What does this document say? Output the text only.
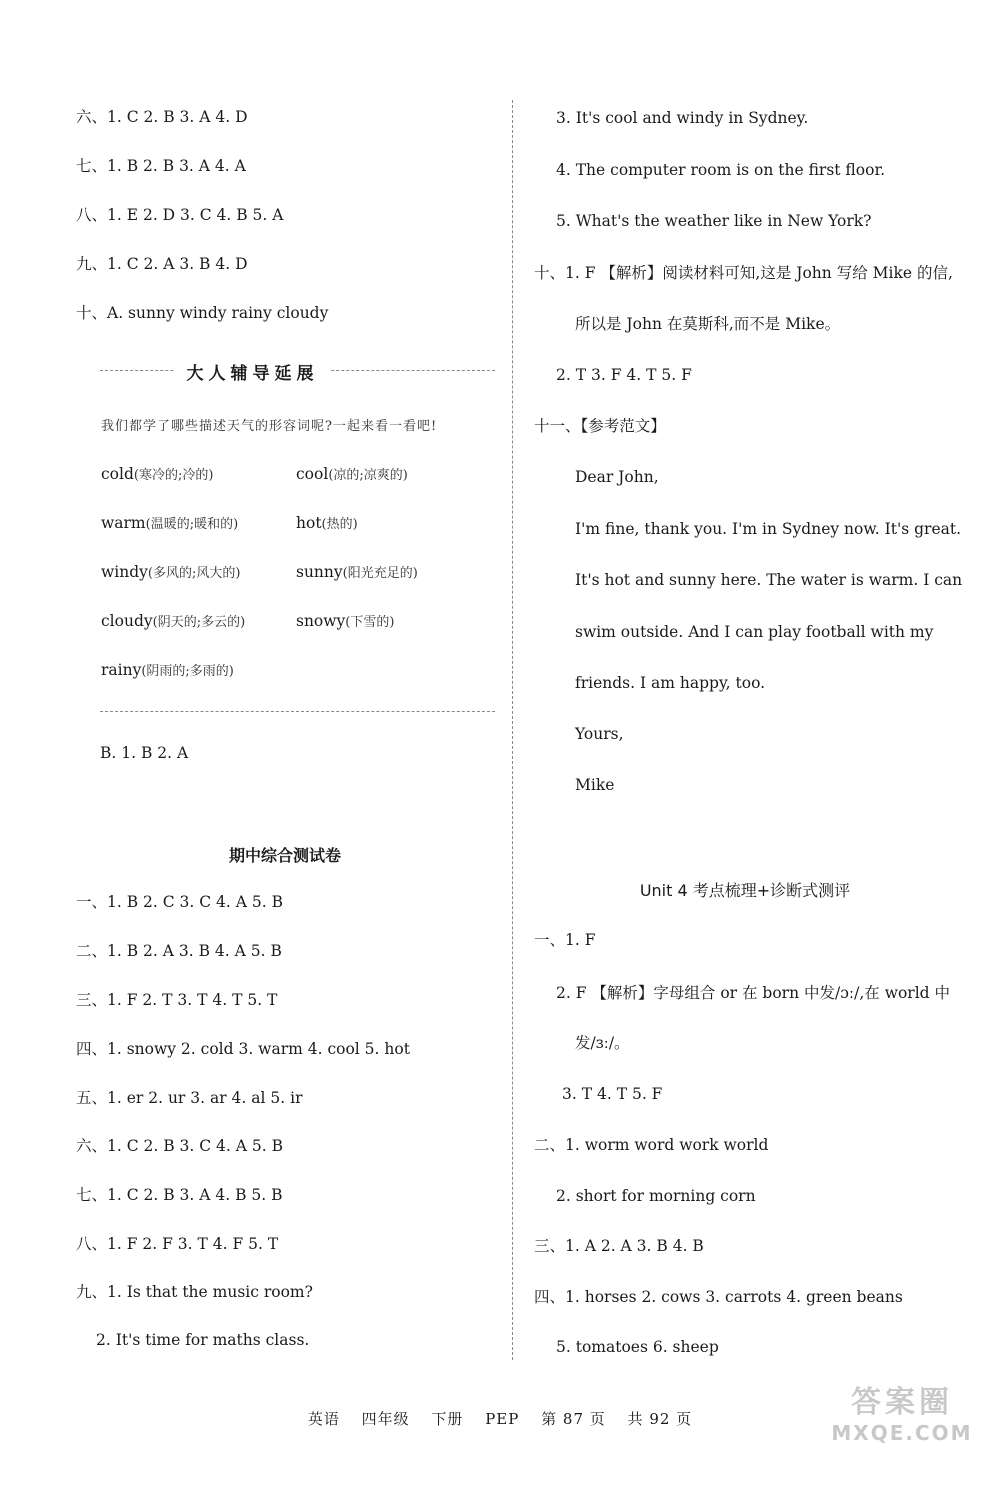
大人辅导延展
我们都学了哪些描述天气的形容词呢?一起来看一看吧!
B. 1. B 2. A
期中综合测试卷
Unit 4 考点梳理+诊断式测评
英语 四年级 下册 PEP 第 87 页 共 92 页	答案圈
MXQE.COM
六、1. C 2. B 3. A 4. D
七、1. B 2. B 3. A 4. A
八、1. E 2. D 3. C 4. B 5. A
九、1. C 2. A 3. B 4. D
十、A. sunny windy rainy cloudy
一、1. B 2. C 3. C 4. A 5. B
二、1. B 2. A 3. B 4. A 5. B
三、1. F 2. T 3. T 4. T 5. T
四、1. snowy 2. cold 3. warm 4. cool 5. hot
五、1. er 2. ur 3. ar 4. al 5. ir
六、1. C 2. B 3. C 4. A 5. B
七、1. C 2. B 3. A 4. B 5. B
八、1. F 2. F 3. T 4. F 5. T
九、1. Is that the music room?
2. It's time for maths class.
3. It's cool and windy in Sydney.
4. The computer room is on the first floor.
5. What's the weather like in New York?
十、1. F 【解析】阅读材料可知,这是 John 写给 Mike 的信,
所以是 John 在莫斯科,而不是 Mike。
2. T 3. F 4. T 5. F
十一、【参考范文】
Dear John,
I'm fine, thank you. I'm in Sydney now. It's great.
It's hot and sunny here. The water is warm. I can
swim outside. And I can play football with my
friends. I am happy, too.
Yours,
Mike
一、1. F
2. F 【解析】字母组合 or 在 born 中发/ɔː/,在 world 中
发/ɜː/。
3. T 4. T 5. F
二、1. worm word work world
2. short for morning corn
三、1. A 2. A 3. B 4. B
四、1. horses 2. cows 3. carrots 4. green beans
5. tomatoes 6. sheep
cold(寒冷的;冷的)	cool(凉的;凉爽的)
warm(温暖的;暖和的)	hot(热的)
windy(多风的;风大的)	sunny(阳光充足的)
cloudy(阴天的;多云的)	snowy(下雪的)
rainy(阴雨的;多雨的)
